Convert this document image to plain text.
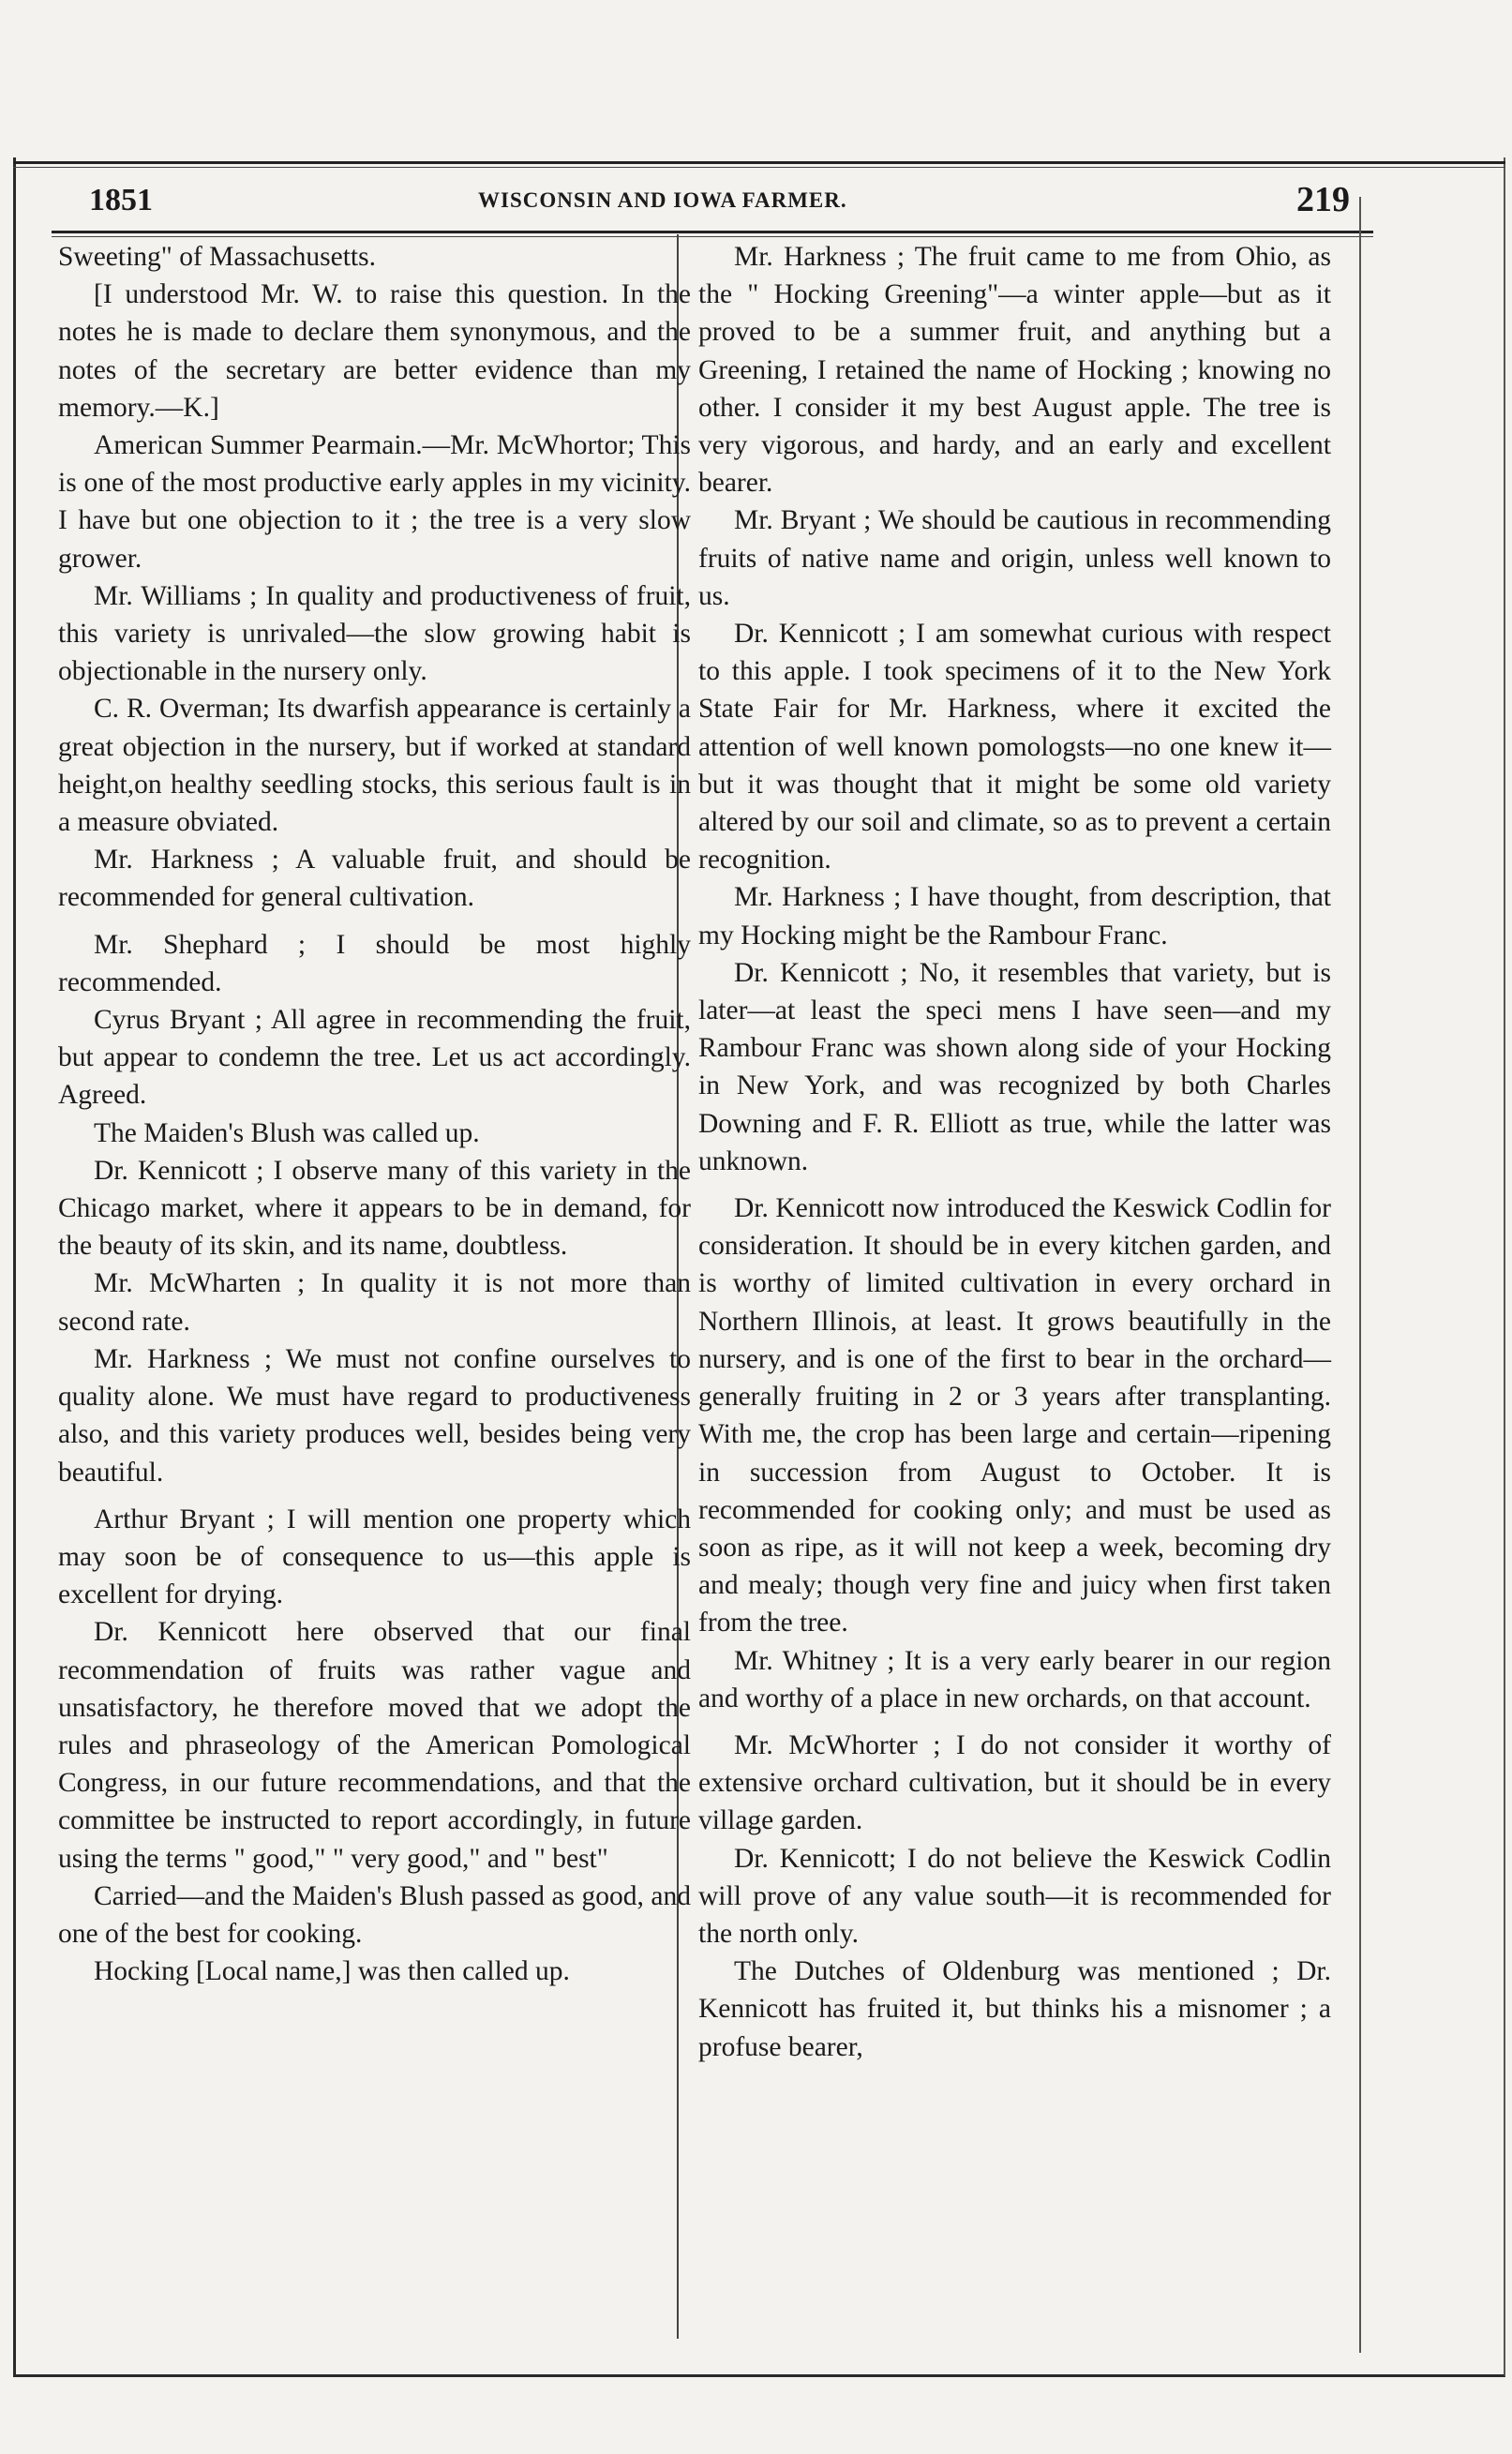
1851	WISCONSIN AND IOWA FARMER.	219

Sweeting" of Massachusetts.

[I understood Mr. W. to raise this question. In the notes he is made to declare them synonymous, and the notes of the secretary are better evidence than my memory.—K.]

American Summer Pearmain.—Mr. McWhortor; This is one of the most productive early apples in my vicinity. I have but one objection to it ; the tree is a very slow grower.

Mr. Williams ; In quality and productiveness of fruit, this variety is unrivaled—the slow growing habit is objectionable in the nursery only.

C. R. Overman; Its dwarfish appearance is certainly a great objection in the nursery, but if worked at standard height,on healthy seedling stocks, this serious fault is in a measure obviated.

Mr. Harkness ; A valuable fruit, and should be recommended for general cultivation.

Mr. Shephard ; I should be most highly recommended.

Cyrus Bryant ; All agree in recommending the fruit, but appear to condemn the tree. Let us act accordingly. Agreed.

The Maiden's Blush was called up.

Dr. Kennicott ; I observe many of this variety in the Chicago market, where it appears to be in demand, for the beauty of its skin, and its name, doubtless.

Mr. McWharten ; In quality it is not more than second rate.

Mr. Harkness ; We must not confine ourselves to quality alone. We must have regard to productiveness also, and this variety produces well, besides being very beautiful.

Arthur Bryant ; I will mention one property which may soon be of consequence to us—this apple is excellent for drying.

Dr. Kennicott here observed that our final recommendation of fruits was rather vague and unsatisfactory, he therefore moved that we adopt the rules and phraseology of the American Pomological Congress, in our future recommendations, and that the committee be instructed to report accordingly, in future using the terms " good," " very good," and " best"

Carried—and the Maiden's Blush passed as good, and one of the best for cooking.

Hocking [Local name,] was then called up.

Mr. Harkness ; The fruit came to me from Ohio, as the " Hocking Greening"—a winter apple—but as it proved to be a summer fruit, and anything but a Greening, I retained the name of Hocking ; knowing no other. I consider it my best August apple. The tree is very vigorous, and hardy, and an early and excellent bearer.

Mr. Bryant ; We should be cautious in recommending fruits of native name and origin, unless well known to us.

Dr. Kennicott ; I am somewhat curious with respect to this apple. I took specimens of it to the New York State Fair for Mr. Harkness, where it excited the attention of well known pomologsts—no one knew it—but it was thought that it might be some old variety altered by our soil and climate, so as to prevent a certain recognition.

Mr. Harkness ; I have thought, from description, that my Hocking might be the Rambour Franc.

Dr. Kennicott ; No, it resembles that variety, but is later—at least the speci mens I have seen—and my Rambour Franc was shown along side of your Hocking in New York, and was recognized by both Charles Downing and F. R. Elliott as true, while the latter was unknown.

Dr. Kennicott now introduced the Keswick Codlin for consideration. It should be in every kitchen garden, and is worthy of limited cultivation in every orchard in Northern Illinois, at least. It grows beautifully in the nursery, and is one of the first to bear in the orchard—generally fruiting in 2 or 3 years after transplanting. With me, the crop has been large and certain—ripening in succession from August to October. It is recommended for cooking only; and must be used as soon as ripe, as it will not keep a week, becoming dry and mealy; though very fine and juicy when first taken from the tree.

Mr. Whitney ; It is a very early bearer in our region and worthy of a place in new orchards, on that account.

Mr. McWhorter ; I do not consider it worthy of extensive orchard cultivation, but it should be in every village garden.

Dr. Kennicott; I do not believe the Keswick Codlin will prove of any value south—it is recommended for the north only.

The Dutches of Oldenburg was mentioned ; Dr. Kennicott has fruited it, but thinks his a misnomer ; a profuse bearer,
